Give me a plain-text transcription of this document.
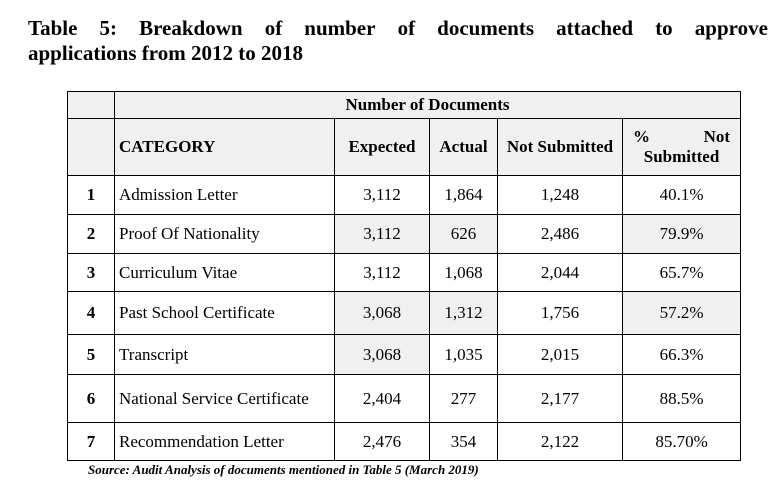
Table 5: Breakdown of number of documents attached to approve
applications from 2012 to 2018
	Number of Documents				
	CATEGORY	Expected	Actual	Not Submitted	% Not
Submitted

1	Admission Letter	3,112	1,864	1,248	40.1%
2	Proof Of Nationality	3,112	626	2,486	79.9%
3	Curriculum Vitae	3,112	1,068	2,044	65.7%
4	Past School Certificate	3,068	1,312	1,756	57.2%
5	Transcript	3,068	1,035	2,015	66.3%
6	National Service Certificate	2,404	277	2,177	88.5%
7	Recommendation Letter	2,476	354	2,122	85.70%
Source: Audit Analysis of documents mentioned in Table 5 (March 2019)
